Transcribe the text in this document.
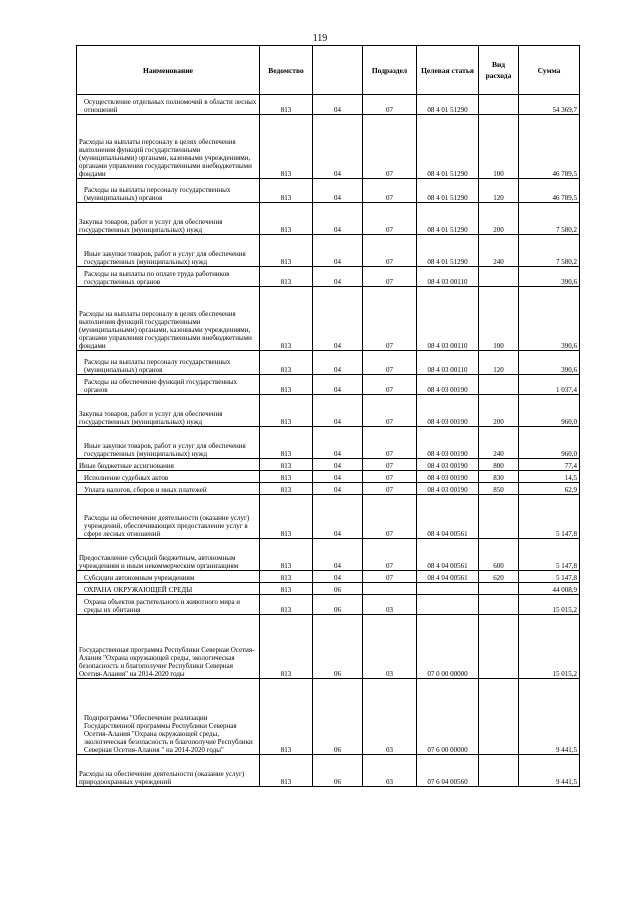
119
Наименование	Ведомство		Подраздел	Целевая статья	Вид расхода	Сумма
Осуществление отдельных полномочий в области лесных отношений	813	04	07	08 4 01 51290		54 369,7
Расходы на выплаты персоналу в целях обеспечения выполнения функций государственными (муниципальными) органами, казенными учреждениями, органами управления государственными внебюджетными фондами	813	04	07	08 4 01 51290	100	46 789,5
Расходы на выплаты персоналу государственных (муниципальных) органов	813	04	07	08 4 01 51290	120	46 789,5
Закупка товаров, работ и услуг для обеспечения государственных (муниципальных) нужд	813	04	07	08 4 01 51290	200	7 580,2
Иные закупки товаров, работ и услуг для обеспечения государственных (муниципальных) нужд	813	04	07	08 4 01 51290	240	7 580,2
Расходы на выплаты по оплате труда работников государственных органов	813	04	07	08 4 03 00110		390,6
Расходы на выплаты персоналу в целях обеспечения выполнения функций государственными (муниципальными) органами, казенными учреждениями, органами управления государственными внебюджетными фондами	813	04	07	08 4 03 00110	100	390,6
Расходы на выплаты персоналу государственных (муниципальных) органов	813	04	07	08 4 03 00110	120	390,6
Расходы на обеспечение функций государственных органов	813	04	07	08 4 03 00190		1 037,4
Закупка товаров, работ и услуг для обеспечения государственных (муниципальных) нужд	813	04	07	08 4 03 00190	200	960,0
Иные закупки товаров, работ и услуг для обеспечения государственных (муниципальных) нужд	813	04	07	08 4 03 00190	240	960,0
Иные бюджетные ассигнования	813	04	07	08 4 03 00190	800	77,4
Исполнение судебных актов	813	04	07	08 4 03 00190	830	14,5
Уплата налогов, сборов и иных платежей	813	04	07	08 4 03 00190	850	62,9
Расходы на обеспечение деятельности (оказание услуг) учреждений, обеспечивающих предоставление услуг в сфере лесных отношений	813	04	07	08 4 04 00561		5 147,8
Предоставление субсидий бюджетным, автономным учреждениям и иным некоммерческим организациям	813	04	07	08 4 04 00561	600	5 147,8
Субсидии автономным учреждениям	813	04	07	08 4 04 00561	620	5 147,8
ОХРАНА ОКРУЖАЮЩЕЙ СРЕДЫ	813	06				44 008,9
Охрана объектов растительного и животного мира и среды их обитания	813	06	03			15 015,2
Государственная программа Республики Северная Осетия-Алания "Охрана окружающей среды, экологическая безопасность и благополучие Республики Северная Осетия-Алания" на 2014-2020 годы	813	06	03	07 0 00 00000		15 015,2
Подпрограмма "Обеспечение реализации Государственной программы Республики Северная Осетия-Алания "Охрана окружающей среды, экологическая безопасность и благополучие Республики Северная Осетия-Алания " на 2014-2020 годы"	813	06	03	07 6 00 00000		9 441,5
Расходы на обеспечение деятельности (оказание услуг) природоохранных учреждений	813	06	03	07 6 04 00560		9 441,5
